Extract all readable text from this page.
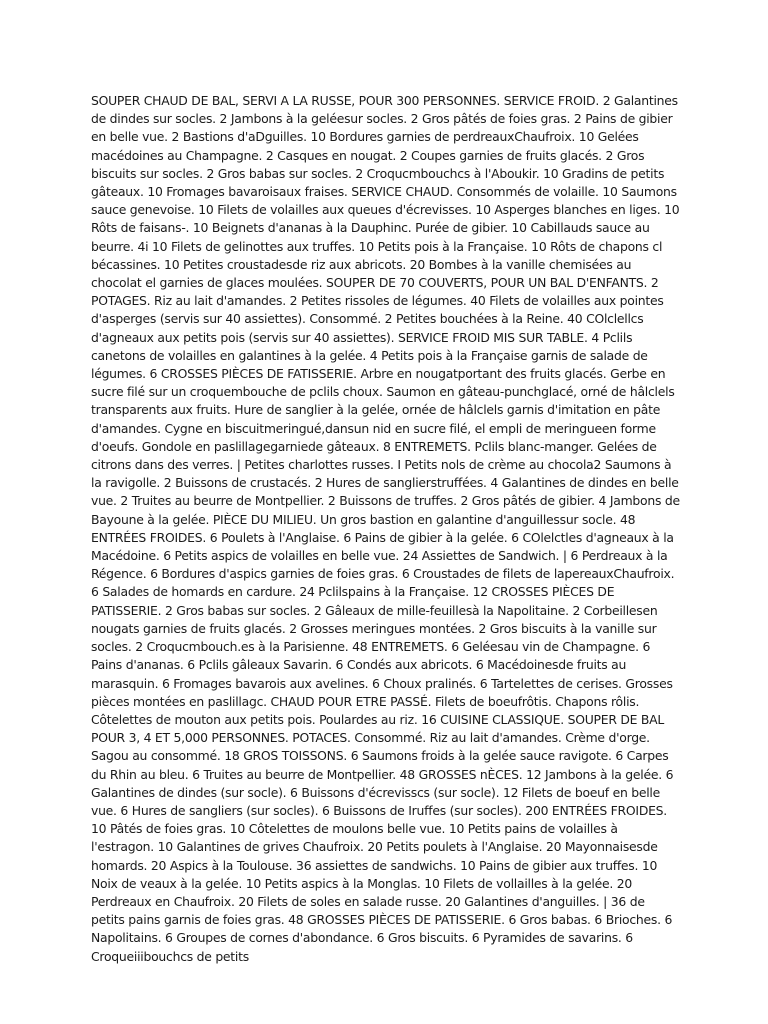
SOUPER CHAUD DE BAL, SERVI A LA RUSSE, POUR 300 PERSONNES. SERVICE FROID. 2 Galantines de dindes sur socles. 2 Jambons à la geléesur socles. 2 Gros pâtés de foies gras. 2 Pains de gibier en belle vue. 2 Bastions d'aDguilles. 10 Bordures garnies de perdreauxChaufroix. 10 Gelées macédoines au Champagne. 2 Casques en nougat. 2 Coupes garnies de fruits glacés. 2 Gros biscuits sur socles. 2 Gros babas sur socles. 2 Croqucmbouchcs à l'Aboukir. 10 Gradins de petits gâteaux. 10 Fromages bavaroisaux fraises. SERVICE CHAUD. Consommés de volaille. 10 Saumons sauce genevoise. 10 Filets de volailles aux queues d'écrevisses. 10 Asperges blanches en liges. 10 Rôts de faisans-. 10 Beignets d'ananas à la Dauphinc. Purée de gibier. 10 Cabillauds sauce au beurre. 4i 10 Filets de gelinottes aux truffes. 10 Petits pois à la Française. 10 Rôts de chapons cl bécassines. 10 Petites croustadesde riz aux abricots. 20 Bombes à la vanille chemisées au chocolat el garnies de glaces moulées. SOUPER DE 70 COUVERTS, POUR UN BAL D'ENFANTS. 2 POTAGES. Riz au lait d'amandes. 2 Petites rissoles de légumes. 40 Filets de volailles aux pointes d'asperges (servis sur 40 assiettes). Consommé. 2 Petites bouchées à la Reine. 40 COlclellcs d'agneaux aux petits pois (servis sur 40 assiettes). SERVICE FROID MIS SUR TABLE. 4 Pclils canetons de volailles en galantines à la gelée. 4 Petits pois à la Française garnis de salade de légumes. 6 CROSSES PIÈCES DE FATISSERIE. Arbre en nougatportant des fruits glacés. Gerbe en sucre filé sur un croquembouche de pclils choux. Saumon en gâteau-punchglacé, orné de hâlclels transparents aux fruits. Hure de sanglier à la gelée, ornée de hâlclels garnis d'imitation en pâte d'amandes. Cygne en biscuitmeringué,dansun nid en sucre filé, el empli de meringueen forme d'oeufs. Gondole en paslillagegarniede gâteaux. 8 ENTREMETS. Pclils blanc-manger. Gelées de citrons dans des verres. | Petites charlottes russes. I Petits nols de crème au chocola2 Saumons à la ravigolle. 2 Buissons de crustacés. 2 Hures de sanglierstruffées. 4 Galantines de dindes en belle vue. 2 Truites au beurre de Montpellier. 2 Buissons de truffes. 2 Gros pâtés de gibier. 4 Jambons de Bayoune à la gelée. PIÈCE DU MILIEU. Un gros bastion en galantine d'anguillessur socle. 48 ENTRÉES FROIDES. 6 Poulets à l'Anglaise. 6 Pains de gibier à la gelée. 6 COlelctles d'agneaux à la Macédoine. 6 Petits aspics de volailles en belle vue. 24 Assiettes de Sandwich. | 6 Perdreaux à la Régence. 6 Bordures d'aspics garnies de foies gras. 6 Croustades de filets de lapereauxChaufroix. 6 Salades de homards en cardure. 24 Pclilspains à la Française. 12 CROSSES PIÈCES DE PATISSERIE. 2 Gros babas sur socles. 2 Gâleaux de mille-feuillesà la Napolitaine. 2 Corbeillesen nougats garnies de fruits glacés. 2 Grosses meringues montées. 2 Gros biscuits à la vanille sur socles. 2 Croqucmbouch.es à la Parisienne. 48 ENTREMETS. 6 Geléesau vin de Champagne. 6 Pains d'ananas. 6 Pclils gâleaux Savarin. 6 Condés aux abricots. 6 Macédoinesde fruits au marasquin. 6 Fromages bavarois aux avelines. 6 Choux pralinés. 6 Tartelettes de cerises. Grosses pièces montées en paslillagc. CHAUD POUR ETRE PASSÉ. Filets de boeufrôtis. Chapons rôlis. Côtelettes de mouton aux petits pois. Poulardes au riz. 16 CUISINE CLASSIQUE. SOUPER DE BAL POUR 3, 4 ET 5,000 PERSONNES. POTACES. Consommé. Riz au lait d'amandes. Crème d'orge. Sagou au consommé. 18 GROS TOISSONS. 6 Saumons froids à la gelée sauce ravigote. 6 Carpes du Rhin au bleu. 6 Truites au beurre de Montpellier. 48 GROSSES nÈCES. 12 Jambons à la gelée. 6 Galantines de dindes (sur socle). 6 Buissons d'écrevisscs (sur socle). 12 Filets de boeuf en belle vue. 6 Hures de sangliers (sur socles). 6 Buissons de Iruffes (sur socles). 200 ENTRÉES FROIDES. 10 Pâtés de foies gras. 10 Côtelettes de moulons belle vue. 10 Petits pains de volailles à l'estragon. 10 Galantines de grives Chaufroix. 20 Petits poulets à l'Anglaise. 20 Mayonnaisesde homards. 20 Aspics à la Toulouse. 36 assiettes de sandwichs. 10 Pains de gibier aux truffes. 10 Noix de veaux à la gelée. 10 Petits aspics à la Monglas. 10 Filets de vollailles à la gelée. 20 Perdreaux en Chaufroix. 20 Filets de soles en salade russe. 20 Galantines d'anguilles. | 36 de petits pains garnis de foies gras. 48 GROSSES PIÈCES DE PATISSERIE. 6 Gros babas. 6 Brioches. 6 Napolitains. 6 Groupes de cornes d'abondance. 6 Gros biscuits. 6 Pyramides de savarins. 6 Croqueiiibouchcs de petits
